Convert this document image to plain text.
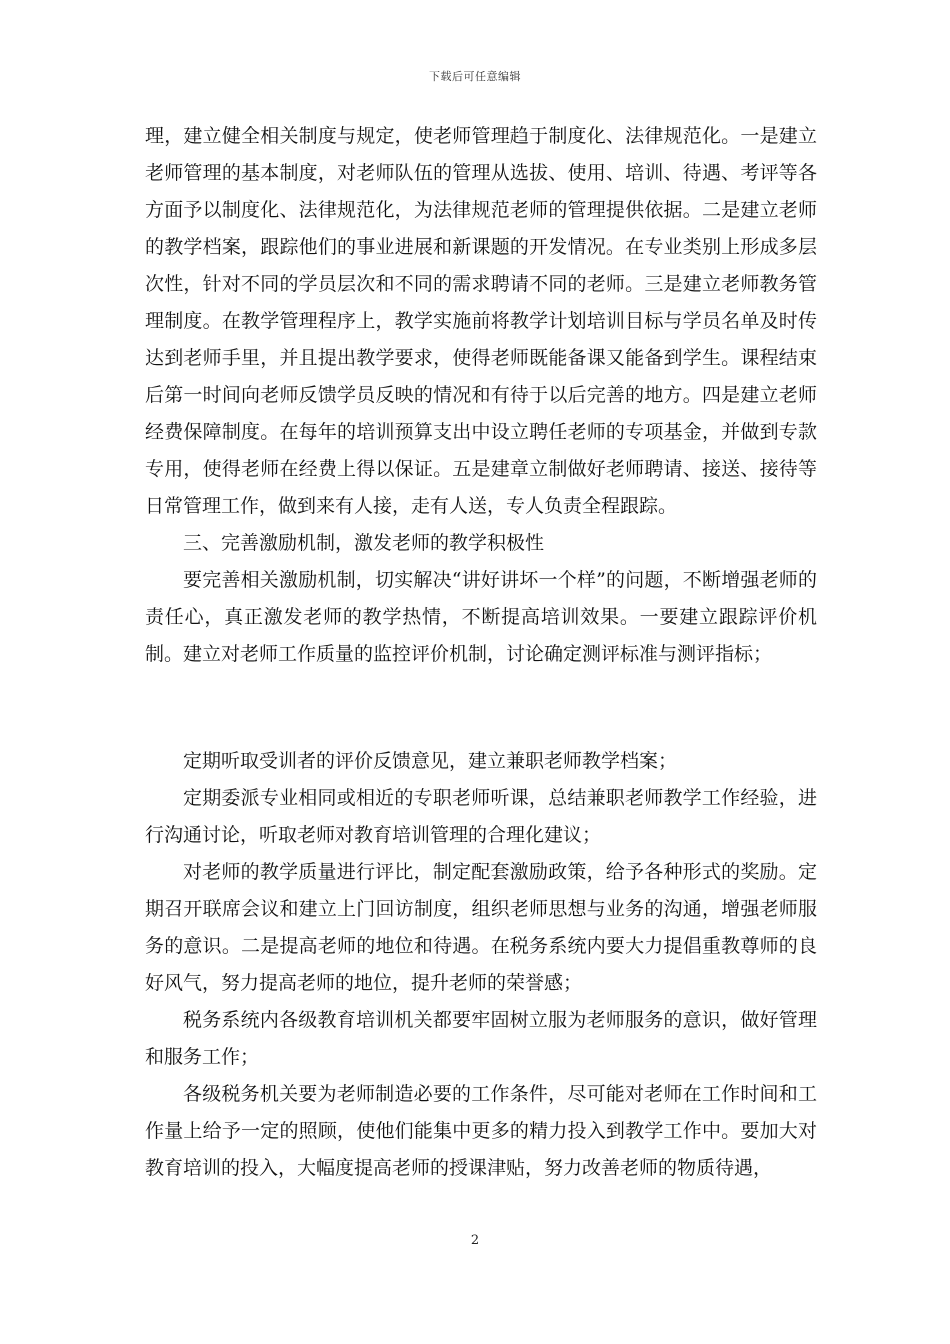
下载后可任意编辑

理，建立健全相关制度与规定，使老师管理趋于制度化、法律规范化。一是建立老师管理的基本制度，对老师队伍的管理从选拔、使用、培训、待遇、考评等各方面予以制度化、法律规范化，为法律规范老师的管理提供依据。二是建立老师的教学档案，跟踪他们的事业进展和新课题的开发情况。在专业类别上形成多层次性，针对不同的学员层次和不同的需求聘请不同的老师。三是建立老师教务管理制度。在教学管理程序上，教学实施前将教学计划培训目标与学员名单及时传达到老师手里，并且提出教学要求，使得老师既能备课又能备到学生。课程结束后第一时间向老师反馈学员反映的情况和有待于以后完善的地方。四是建立老师经费保障制度。在每年的培训预算支出中设立聘任老师的专项基金，并做到专款专用，使得老师在经费上得以保证。五是建章立制做好老师聘请、接送、接待等日常管理工作，做到来有人接，走有人送，专人负责全程跟踪。

三、完善激励机制，激发老师的教学积极性

要完善相关激励机制，切实解决“讲好讲坏一个样”的问题，不断增强老师的责任心，真正激发老师的教学热情，不断提高培训效果。一要建立跟踪评价机制。建立对老师工作质量的监控评价机制，讨论确定测评标准与测评指标；

定期听取受训者的评价反馈意见，建立兼职老师教学档案；

定期委派专业相同或相近的专职老师听课，总结兼职老师教学工作经验，进行沟通讨论，听取老师对教育培训管理的合理化建议；

对老师的教学质量进行评比，制定配套激励政策，给予各种形式的奖励。定期召开联席会议和建立上门回访制度，组织老师思想与业务的沟通，增强老师服务的意识。二是提高老师的地位和待遇。在税务系统内要大力提倡重教尊师的良好风气，努力提高老师的地位，提升老师的荣誉感；

税务系统内各级教育培训机关都要牢固树立服为老师服务的意识，做好管理和服务工作；

各级税务机关要为老师制造必要的工作条件，尽可能对老师在工作时间和工作量上给予一定的照顾，使他们能集中更多的精力投入到教学工作中。要加大对教育培训的投入，大幅度提高老师的授课津贴，努力改善老师的物质待遇，

2
